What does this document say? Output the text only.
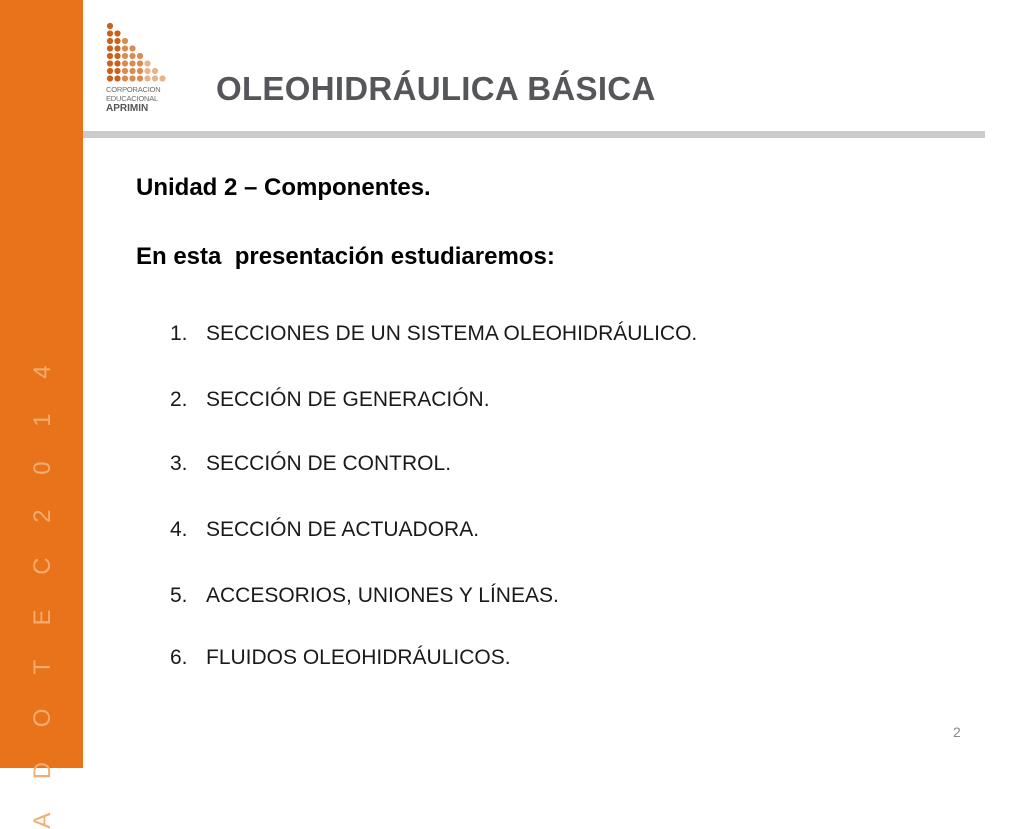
A D O T E C 2 0 1 4
CORPORACION
EDUCACIONAL
APRIMIN
OLEOHIDRÁULICA BÁSICA
Unidad 2 – Componentes.
En esta  presentación estudiaremos:
1. SECCIONES DE UN SISTEMA OLEOHIDRÁULICO.
2. SECCIÓN DE GENERACIÓN.
3. SECCIÓN DE CONTROL.
4. SECCIÓN DE ACTUADORA.
5. ACCESORIOS, UNIONES Y LÍNEAS.
6. FLUIDOS OLEOHIDRÁULICOS.
2
